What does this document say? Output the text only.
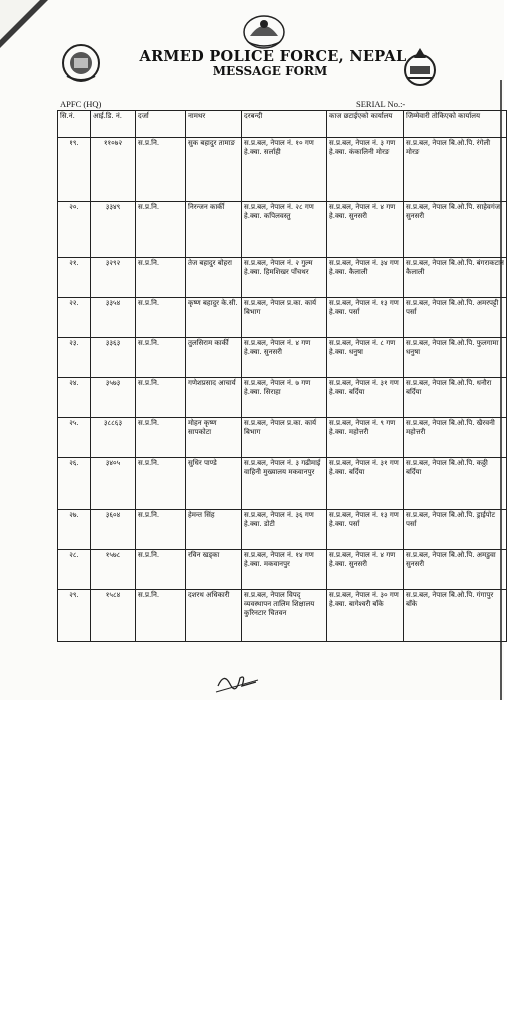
ARMED POLICE FORCE, NEPAL
MESSAGE FORM
APFC (HQ)	SERIAL No.:-
सि.नं.	आई.डि. नं.	दर्जा	नामथर	दरबन्दी	काज छटाईएको कार्यालय	जिम्मेवारी तोकिएको कार्यालय
१९.	११०७२	स.प्र.नि.	सुक बहादुर तामाङ	स.प्र.बल, नेपाल नं. १० गण हे.क्वा. सर्लाही	स.प्र.बल, नेपाल नं. ३ गण हे.क्वा. कंकालिनी मोरङ	स.प्र.बल, नेपाल बि.ओ.पि. रंगेली मोरङ
२०.	३३४९	स.प्र.नि.	निरन्जन कार्की	स.प्र.बल, नेपाल नं. २८ गण हे.क्वा. कपिलवस्तु	स.प्र.बल, नेपाल नं. ४ गण हे.क्वा. सुनसरी	स.प्र.बल, नेपाल बि.ओ.पि. साहेवगंज सुनसरी
२१.	३२९२	स.प्र.नि.	तेज बहादुर बोहरा	स.प्र.बल, नेपाल नं. २ गुल्म हे.क्वा. हिमशिखर पाँचथर	स.प्र.बल, नेपाल नं. ३४ गण हे.क्वा. कैलाली	स.प्र.बल, नेपाल बि.ओ.पि. बंगराकटान कैलाली
२२.	३३५४	स.प्र.नि.	कृष्ण बहादुर के.सी.	स.प्र.बल, नेपाल प्र.का. कार्य बिभाग	स.प्र.बल, नेपाल नं. १३ गण हे.क्वा. पर्सा	स.प्र.बल, नेपाल बि.ओ.पि. अमरपट्टी पर्सा
२३.	३३६३	स.प्र.नि.	तुलसिराम कार्की	स.प्र.बल, नेपाल नं. ४ गण हे.क्वा. सुनसरी	स.प्र.बल, नेपाल नं. ८ गण हे.क्वा. धनुषा	स.प्र.बल, नेपाल बि.ओ.पि. फुलगामा धनुषा
२४.	३५७३	स.प्र.नि.	गणेशप्रसाद आचार्य	स.प्र.बल, नेपाल नं. ७ गण हे.क्वा. सिराहा	स.प्र.बल, नेपाल नं. ३१ गण हे.क्वा. बर्दिया	स.प्र.बल, नेपाल बि.ओ.पि. धनौरा बर्दिया
२५.	३८८६३	स.प्र.नि.	मोहन कृष्ण सापकोटा	स.प्र.बल, नेपाल प्र.का. कार्य बिभाग	स.प्र.बल, नेपाल नं. ९ गण हे.क्वा. महोत्तरी	स.प्र.बल, नेपाल बि.ओ.पि. खैरवनी महोत्तरी
२६.	३४०५	स.प्र.नि.	सुधिर पाण्डे	स.प्र.बल, नेपाल नं. ३ गढीमाई वाहिनी मुख्यालय मकवानपुर	स.प्र.बल, नेपाल नं. ३१ गण हे.क्वा. बर्दिया	स.प्र.बल, नेपाल बि.ओ.पि. कठ्ठी बर्दिया
२७.	३६०४	स.प्र.नि.	हेमन्त सिंह	स.प्र.बल, नेपाल नं. ३६ गण हे.क्वा. डोटी	स.प्र.बल, नेपाल नं. १३ गण हे.क्वा. पर्सा	स.प्र.बल, नेपाल बि.ओ.पि. ड्राईपोट पर्सा
२८.	१५७८	स.प्र.नि.	रविन खड्का	स.प्र.बल, नेपाल नं. १४ गण हे.क्वा. मकवानपुर	स.प्र.बल, नेपाल नं. ४ गण हे.क्वा. सुनसरी	स.प्र.बल, नेपाल बि.ओ.पि. अमडुवा सुनसरी
२९.	१५८४	स.प्र.नि.	दशरथ अधिकारी	स.प्र.बल, नेपाल विपद् व्यवस्थापन तालिम शिक्षालय कुरिनटार चितवन	स.प्र.बल, नेपाल नं. ३० गण हे.क्वा. बागेश्वरी बाँके	स.प्र.बल, नेपाल बि.ओ.पि. गंगापुर बाँके
